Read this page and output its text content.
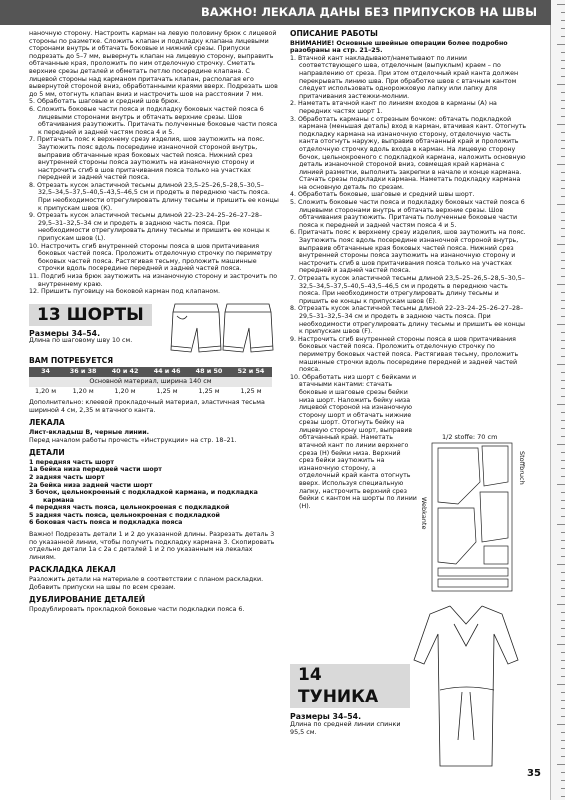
ВАЖНО! ЛЕКАЛА ДАНЫ БЕЗ ПРИПУСКОВ НА ШВЫ

наночную сторону. Настроить карман на левую половину брюк с лицевой стороны по разметке. Сложить клапан и подкладку клапана лицевыми сторонами внутрь и обтачать боковые и нижний срезы. Припуски подрезать до 5–7 мм, вывернуть клапан на лицевую сторону, выправить обтачанные края, проложить по ним отделочную строчку. Сметать верхние срезы деталей и обметать петлю посередине клапана. С лицевой стороны над карманом притачать клапан, располагая его вывернутой стороной вниз, обработанными краями вверх. Подрезать шов до 5 мм, отогнуть клапан вниз и настрочить шов на расстоянии 7 мм.

5. Обработать шаговые и средний шов брюк.

6. Сложить боковые части пояса и подкладку боковых частей пояса 6 лицевыми сторонами внутрь и обтачать верхние срезы. Шов обтачивания разутюжить. Притачать полученные боковые части пояса к передней и задней частям пояса 4 и 5.

7. Притачать пояс к верхнему срезу изделия, шов заутюжить на пояс. Заутюжить пояс вдоль посередине изнаночной стороной внутрь, выправив обтачанные края боковых частей пояса. Нижний срез внутренней стороны пояса заутюжить на изнаночную сторону и настрочить сгиб в шов притачивания пояса только на участках передней и задней частей пояса.

8. Отрезать кусок эластичной тесьмы длиной 23,5–25–26,5–28,5–30,5–32,5–34,5–37,5–40,5–43,5–46,5 см и продеть в переднюю часть пояса. При необходимости отрегулировать длину тесьмы и пришить ее концы к припускам швов (К).

9. Отрезать кусок эластичной тесьмы длиной 22–23–24–25–26–27–28–29,5–31–32,5–34 см и продеть в заднюю часть пояса. При необходимости отрегулировать длину тесьмы и пришить ее концы к припускам швов (L).

10. Настрочить сгиб внутренней стороны пояса в шов притачивания боковых частей пояса. Проложить отделочную строчку по периметру боковых частей пояса. Растягивая тесьму, проложить машинные строчки вдоль посередине передней и задней частей пояса.

11. Подгиб низа брюк заутюжить на изнаночную сторону и застрочить по внутреннему краю.

12. Пришить пуговицу на боковой карман под клапаном.

13 ШОРТЫ
Размеры 34–54.
Длина по шаговому шву 10 см.
ВАМ ПОТРЕБУЕТСЯ
34	36 и 38	40 и 42	44 и 46	48 и 50	52 и 54
Основной материал, ширина 140 см					
1,20 м	1,20 м	1,20 м	1,25 м	1,25 м	1,25 м

Дополнительно: клеевой прокладочный материал, эластичная тесьма шириной 4 см, 2,35 м втачного канта.

ЛЕКАЛА

Лист-вкладыш В, черные линии.

Перед началом работы прочесть «Инструкции» на стр. 18–21.

ДЕТАЛИ

1 передняя часть шорт

1а бейка низа передней части шорт

2 задняя часть шорт

2а бейка низа задней части шорт

3 бочок, цельнокроеный с подкладкой кармана, и подкладка кармана

4 передняя часть пояса, цельнокроеная с подкладкой

5 задняя часть пояса, цельнокроеная с подкладкой

6 боковая часть пояса и подкладка пояса

Важно! Подрезать детали 1 и 2 до указанной длины. Разрезать деталь 3 по указанной линии, чтобы получить подкладку кармана 3. Скопировать отдельно детали 1а с 2а с деталей 1 и 2 по указанным на лекалах линиям.

РАСКЛАДКА ЛЕКАЛ

Разложить детали на материале в соответствии с планом раскладки. Добавить припуски на швы по всем срезам.

ДУБЛИРОВАНИЕ ДЕТАЛЕЙ

Продублировать прокладкой боковые части подкладки пояса 6.

ОПИСАНИЕ РАБОТЫ

ВНИМАНИЕ! Основные швейные операции более подробно разобраны на стр. 21–25.

1. Втачной кант накладывают/наметывают по линии соответствующего шва, отделочным (выпуклым) краем – по направлению от среза. При этом отделочный край канта должен перекрывать линию шва. При обработке швов с втачным кантом следует использовать однорожковую лапку или лапку для притачивания застежки-молнии.

2. Наметать втачной кант по линиям входов в карманы (А) на передних частях шорт 1.

3. Обработать карманы с отрезным бочком: обтачать подкладкой кармана (меньшая деталь) вход в карман, втачивая кант. Отогнуть подкладку кармана на изнаночную сторону, отделочную часть канта отогнуть наружу, выправив обтачанный край и проложить отделочную строчку вдоль входа в карман. На лицевую сторону бочок, цельнокроеного с подкладкой кармана, наложить основную деталь изнаночной стороной вниз, совмещая край кармана с линией разметки, выполнить закрепки в начале и конце кармана. Стачать срезы подкладки кармана. Наметать подкладку кармана на основную деталь по срезам.

4. Обработать боковые, шаговые и средний швы шорт.

5. Сложить боковые части пояса и подкладку боковых частей пояса 6 лицевыми сторонами внутрь и обтачать верхние срезы. Шов обтачивания разутюжить. Притачать полученные боковые части пояса к передней и задней частям пояса 4 и 5.

6. Притачать пояс к верхнему срезу изделия, шов заутюжить на пояс. Заутюжить пояс вдоль посередине изнаночной стороной внутрь, выправив обтачанные края боковых частей пояса. Нижний срез внутренней стороны пояса заутюжить на изнаночную сторону и настрочить сгиб в шов притачивания пояса только на участках передней и задней частей пояса.

7. Отрезать кусок эластичной тесьмы длиной 23,5–25–26,5–28,5–30,5–32,5–34,5–37,5–40,5–43,5–46,5 см и продеть в переднюю часть пояса. При необходимости отрегулировать длину тесьмы и пришить ее концы к припускам швов (E).

8. Отрезать кусок эластичной тесьмы длиной 22–23–24–25–26–27–28–29,5–31–32,5–34 см и продеть в заднюю часть пояса. При необходимости отрегулировать длину тесьмы и пришить ее концы к припускам швов (F).

9. Настрочить сгиб внутренней стороны пояса в шов притачивания боковых частей пояса. Проложить отделочную строчку по периметру боковых частей пояса. Растягивая тесьму, проложить машинные строчки вдоль посередине передней и задней частей пояса.

10. Обработать низ шорт с бейками и втачными кантами: стачать боковые и шаговые срезы бейки низа шорт. Наложить бейку низа лицевой стороной на изнаночную сторону шорт и обтачать нижние срезы шорт. Отогнуть бейку на лицевую сторону шорт, выправив обтачанный край. Наметать втачной кант по линии верхнего среза (Н) бейки низа. Верхний срез бейки заутюжить на изнаночную сторону, а отделочный край канта отогнуть вверх. Используя специальную лапку, настрочить верхний срез бейки с кантом на шорты по линии (Н).

1/2 stoffe: 70 cm
Stoffbruch
Webkante
14 ТУНИКА
Размеры 34–54.
Длина по средней линии спинки 95,5 см.
35
